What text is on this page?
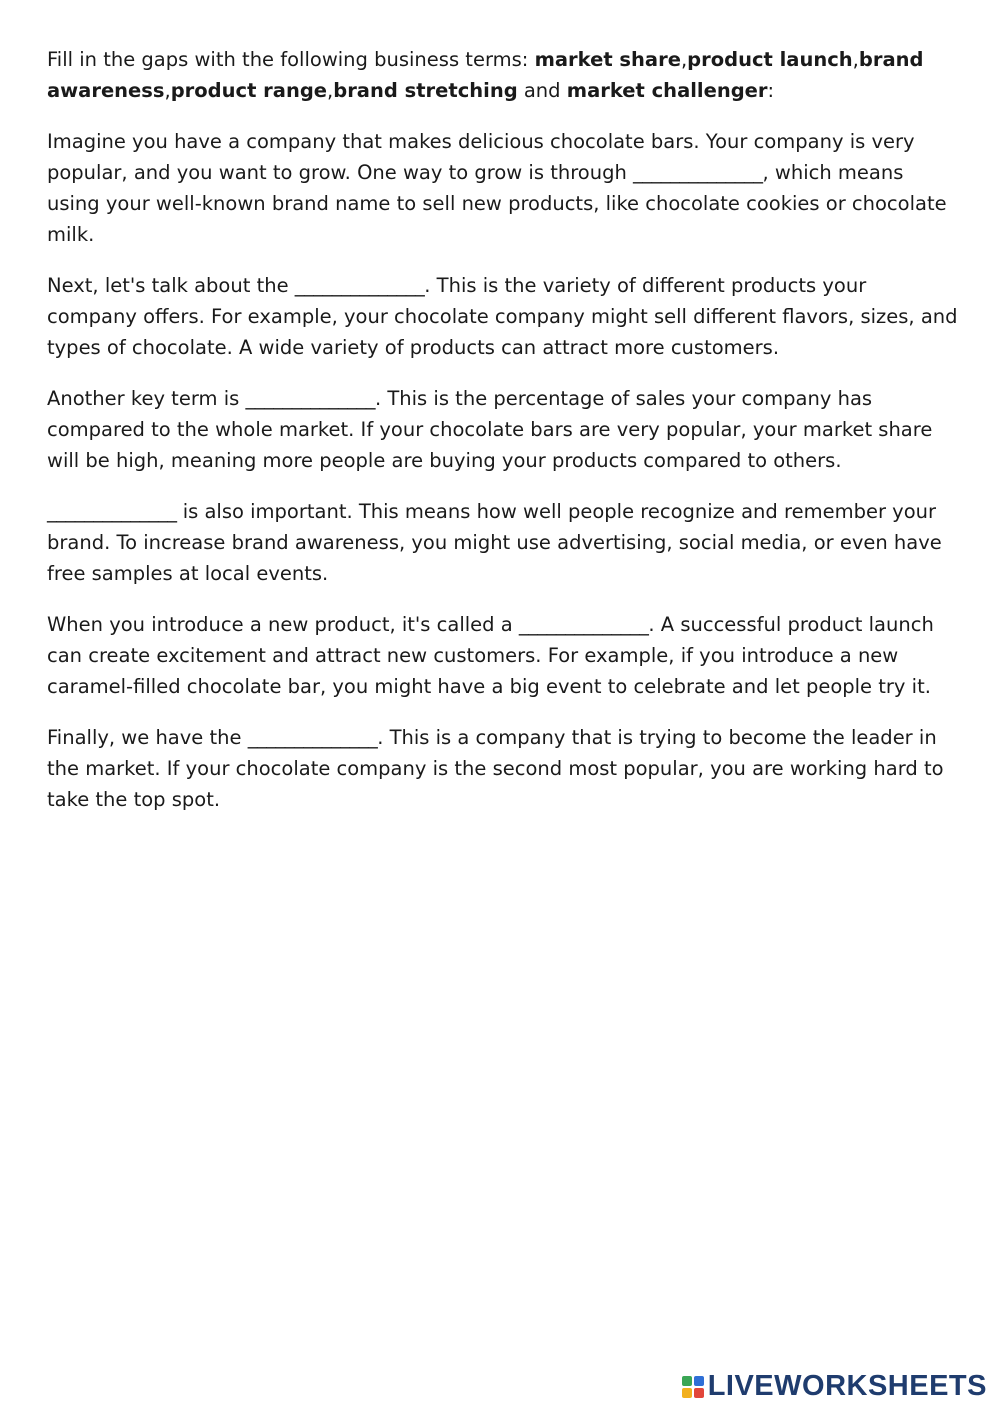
Fill in the gaps with the following business terms: market share,product launch,brand awareness,product range,brand stretching and market challenger:

Imagine you have a company that makes delicious chocolate bars. Your company is very popular, and you want to grow. One way to grow is through ______________, which means using your well-known brand name to sell new products, like chocolate cookies or chocolate milk.

Next, let's talk about the ______________. This is the variety of different products your company offers. For example, your chocolate company might sell different flavors, sizes, and types of chocolate. A wide variety of products can attract more customers.

Another key term is ______________. This is the percentage of sales your company has compared to the whole market. If your chocolate bars are very popular, your market share will be high, meaning more people are buying your products compared to others.

______________ is also important. This means how well people recognize and remember your brand. To increase brand awareness, you might use advertising, social media, or even have free samples at local events.

When you introduce a new product, it's called a ______________. A successful product launch can create excitement and attract new customers. For example, if you introduce a new caramel-filled chocolate bar, you might have a big event to celebrate and let people try it.

Finally, we have the ______________. This is a company that is trying to become the leader in the market. If your chocolate company is the second most popular, you are working hard to take the top spot.

LIVEWORKSHEETS
